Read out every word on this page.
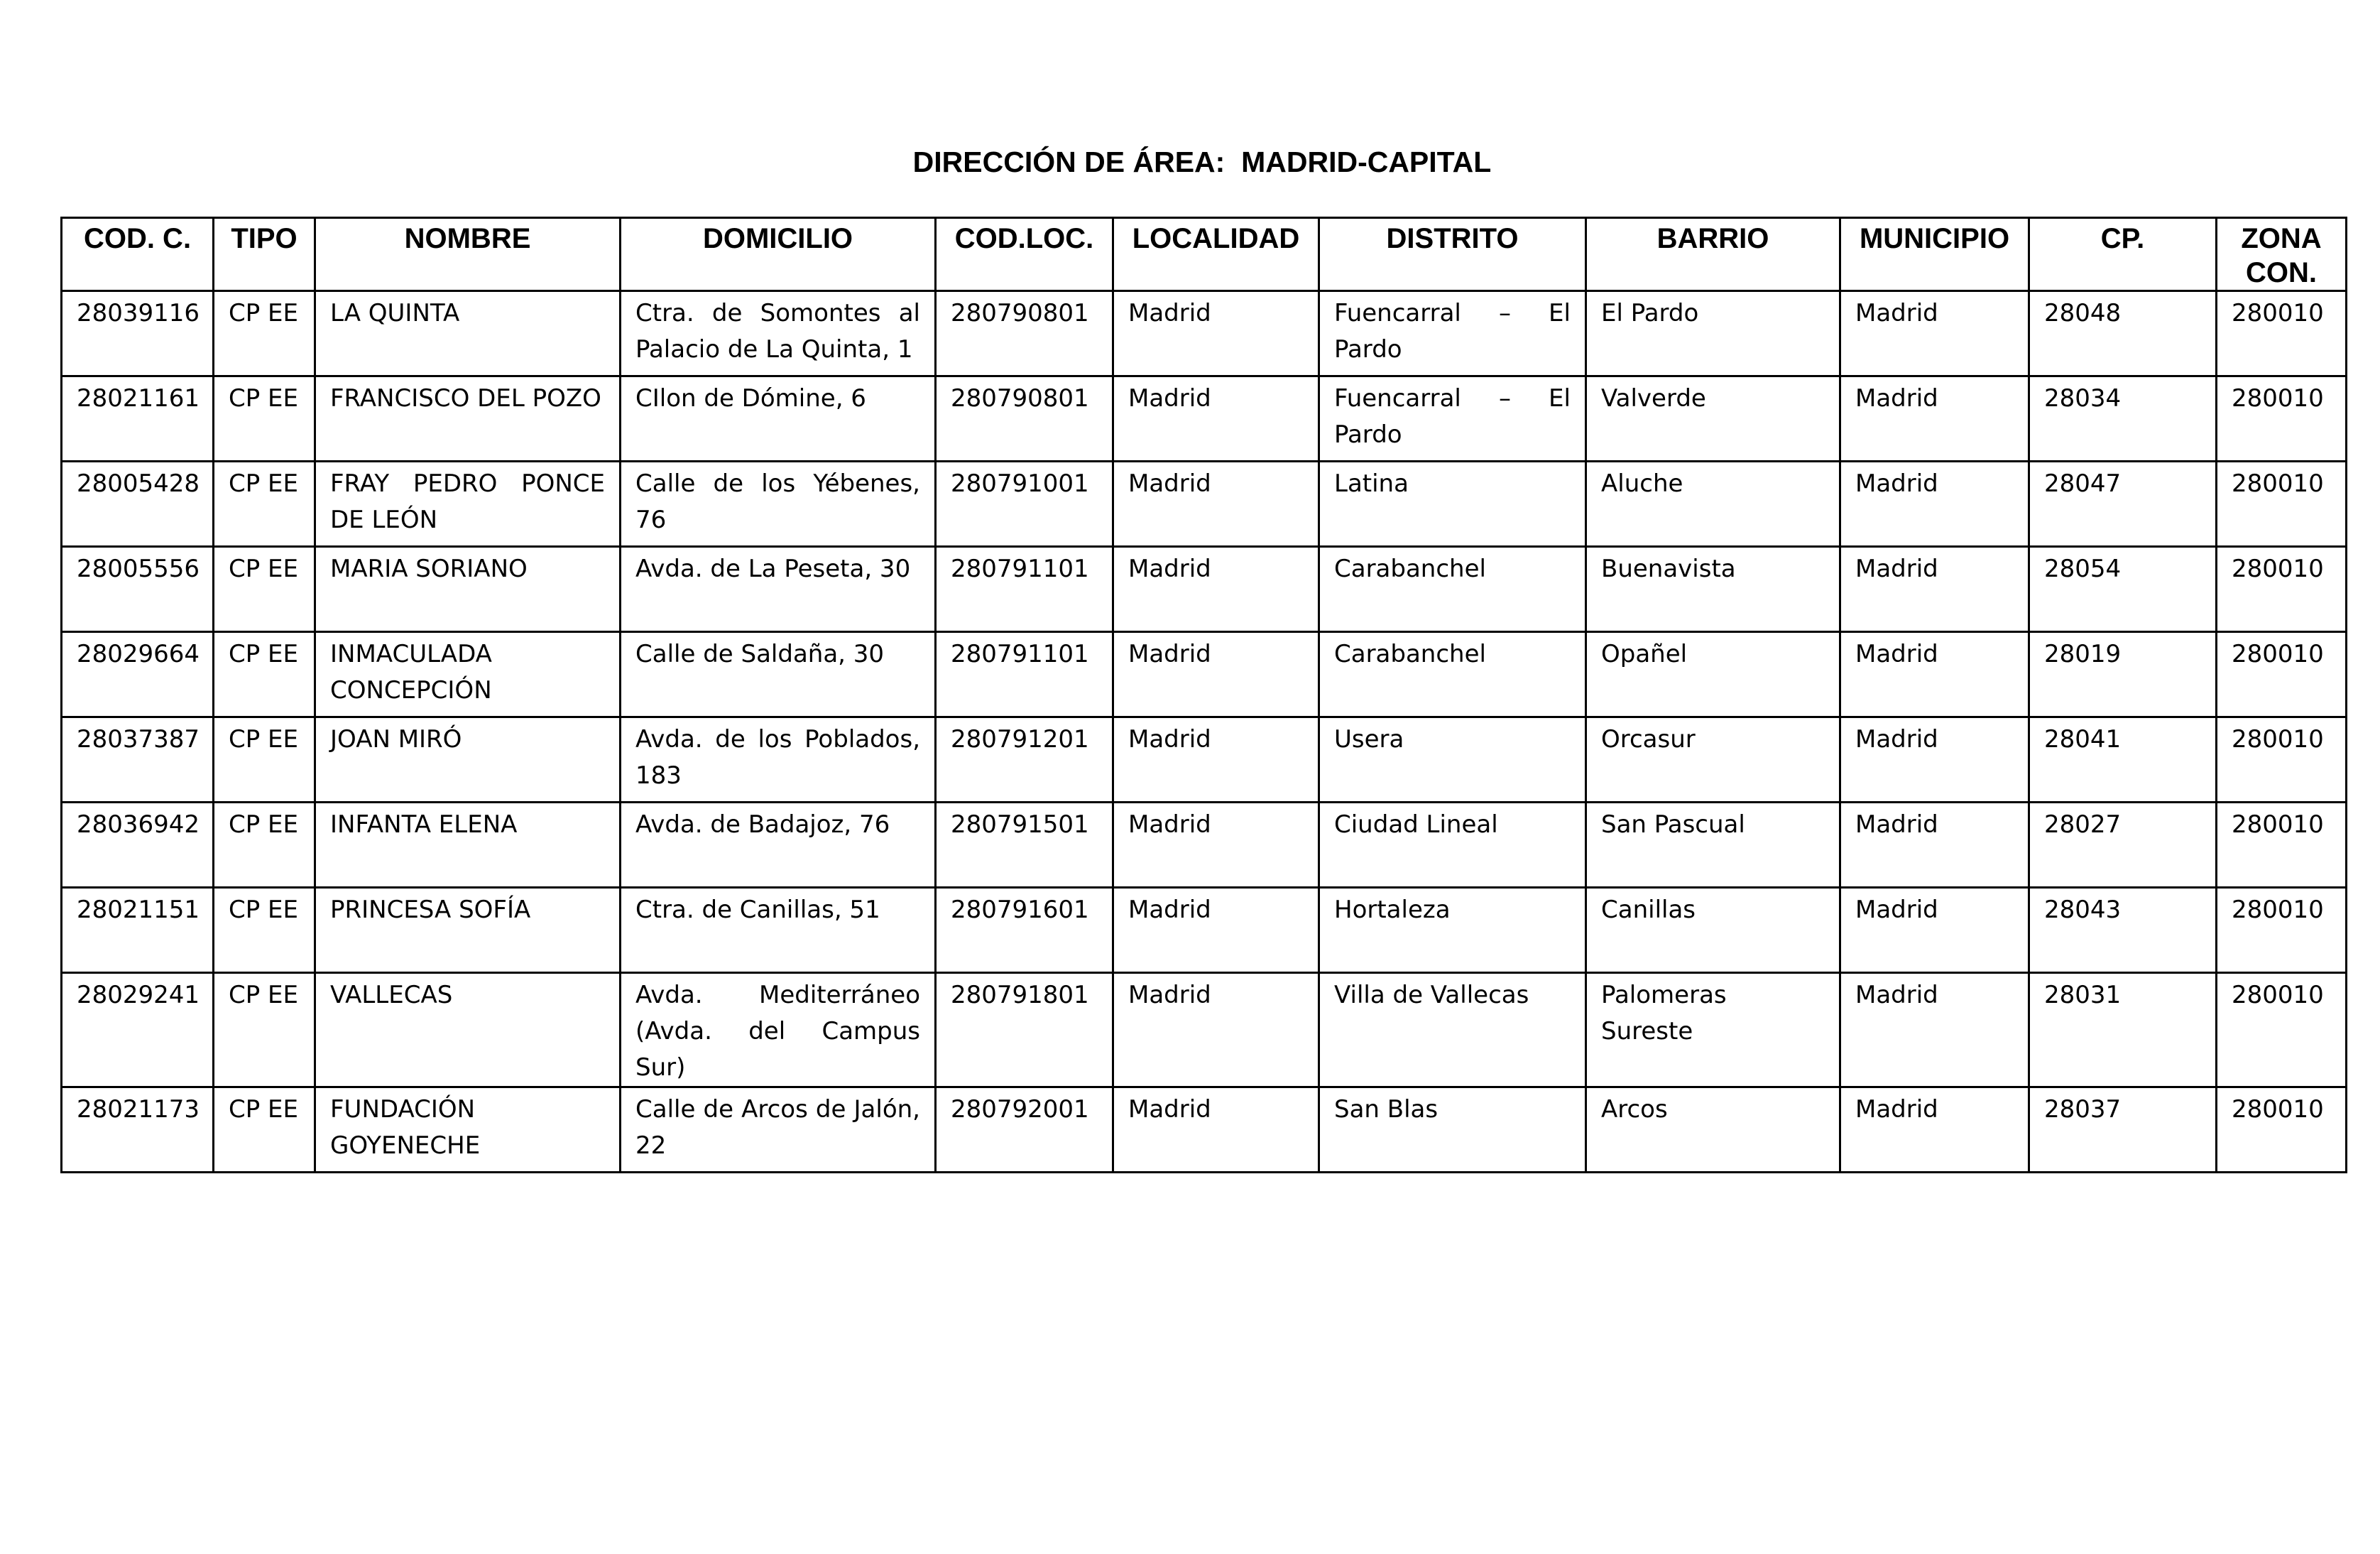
DIRECCIÓN DE ÁREA:  MADRID-CAPITAL
COD. C.	TIPO	NOMBRE	DOMICILIO	COD.LOC.	LOCALIDAD	DISTRITO	BARRIO	MUNICIPIO	CP.	ZONA CON.
28039116	CP EE	LA QUINTA	Ctra. de Somontes al Palacio de La Quinta, 1	280790801	Madrid	Fuencarral – El Pardo	El Pardo	Madrid	28048	280010
28021161	CP EE	FRANCISCO DEL POZO	CIlon de Dómine, 6	280790801	Madrid	Fuencarral – El Pardo	Valverde	Madrid	28034	280010
28005428	CP EE	FRAY PEDRO PONCE DE LEÓN	Calle de los Yébenes, 76	280791001	Madrid	Latina	Aluche	Madrid	28047	280010
28005556	CP EE	MARIA SORIANO	Avda. de La Peseta, 30	280791101	Madrid	Carabanchel	Buenavista	Madrid	28054	280010
28029664	CP EE	INMACULADA CONCEPCIÓN	Calle de Saldaña, 30	280791101	Madrid	Carabanchel	Opañel	Madrid	28019	280010
28037387	CP EE	JOAN MIRÓ	Avda. de los Poblados, 183	280791201	Madrid	Usera	Orcasur	Madrid	28041	280010
28036942	CP EE	INFANTA ELENA	Avda. de Badajoz, 76	280791501	Madrid	Ciudad Lineal	San Pascual	Madrid	28027	280010
28021151	CP EE	PRINCESA SOFÍA	Ctra. de Canillas, 51	280791601	Madrid	Hortaleza	Canillas	Madrid	28043	280010
28029241	CP EE	VALLECAS	Avda. Mediterráneo (Avda. del Campus Sur)	280791801	Madrid	Villa de Vallecas	Palomeras Sureste	Madrid	28031	280010
28021173	CP EE	FUNDACIÓN GOYENECHE	Calle de Arcos de Jalón, 22	280792001	Madrid	San Blas	Arcos	Madrid	28037	280010
